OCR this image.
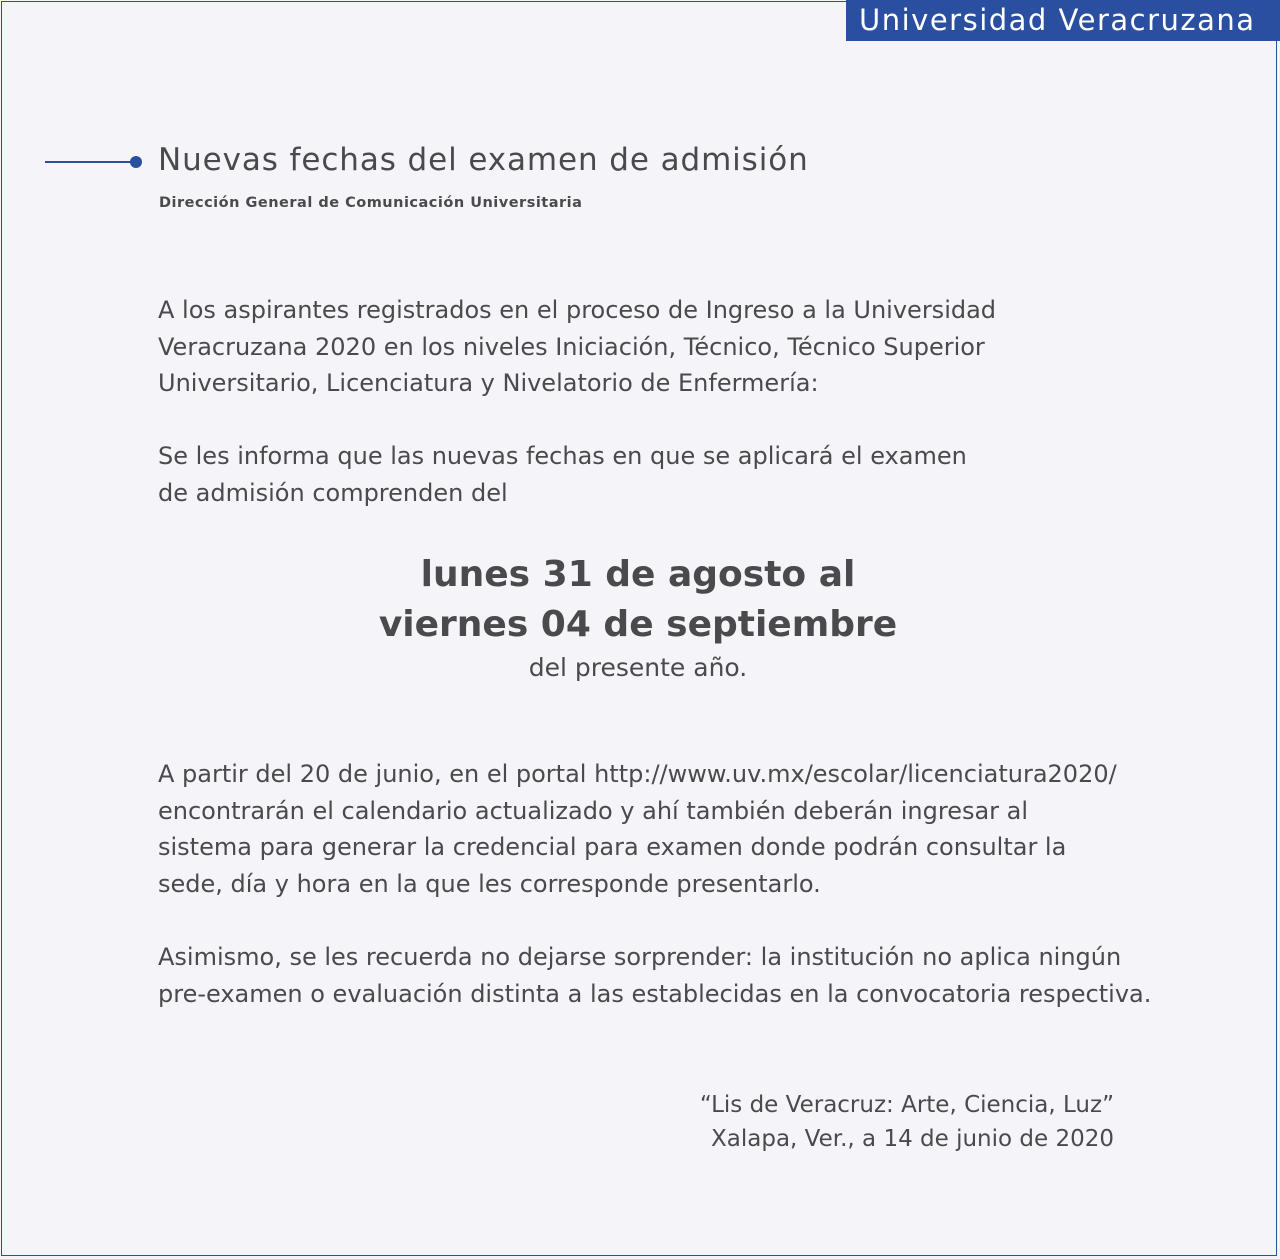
Universidad Veracruzana
Nuevas fechas del examen de admisión
Dirección General de Comunicación Universitaria
A los aspirantes registrados en el proceso de Ingreso a la Universidad
Veracruzana 2020 en los niveles Iniciación, Técnico, Técnico Superior
Universitario, Licenciatura y Nivelatorio de Enfermería:
Se les informa que las nuevas fechas en que se aplicará el examen
de admisión comprenden del
lunes 31 de agosto al
viernes 04 de septiembre
del presente año.
A partir del 20 de junio, en el portal http://www.uv.mx/escolar/licenciatura2020/
encontrarán el calendario actualizado y ahí también deberán ingresar al
sistema para generar la credencial para examen donde podrán consultar la
sede, día y hora en la que les corresponde presentarlo.
Asimismo, se les recuerda no dejarse sorprender: la institución no aplica ningún
pre-examen o evaluación distinta a las establecidas en la convocatoria respectiva.
“Lis de Veracruz: Arte, Ciencia, Luz”
Xalapa, Ver., a 14 de junio de 2020
